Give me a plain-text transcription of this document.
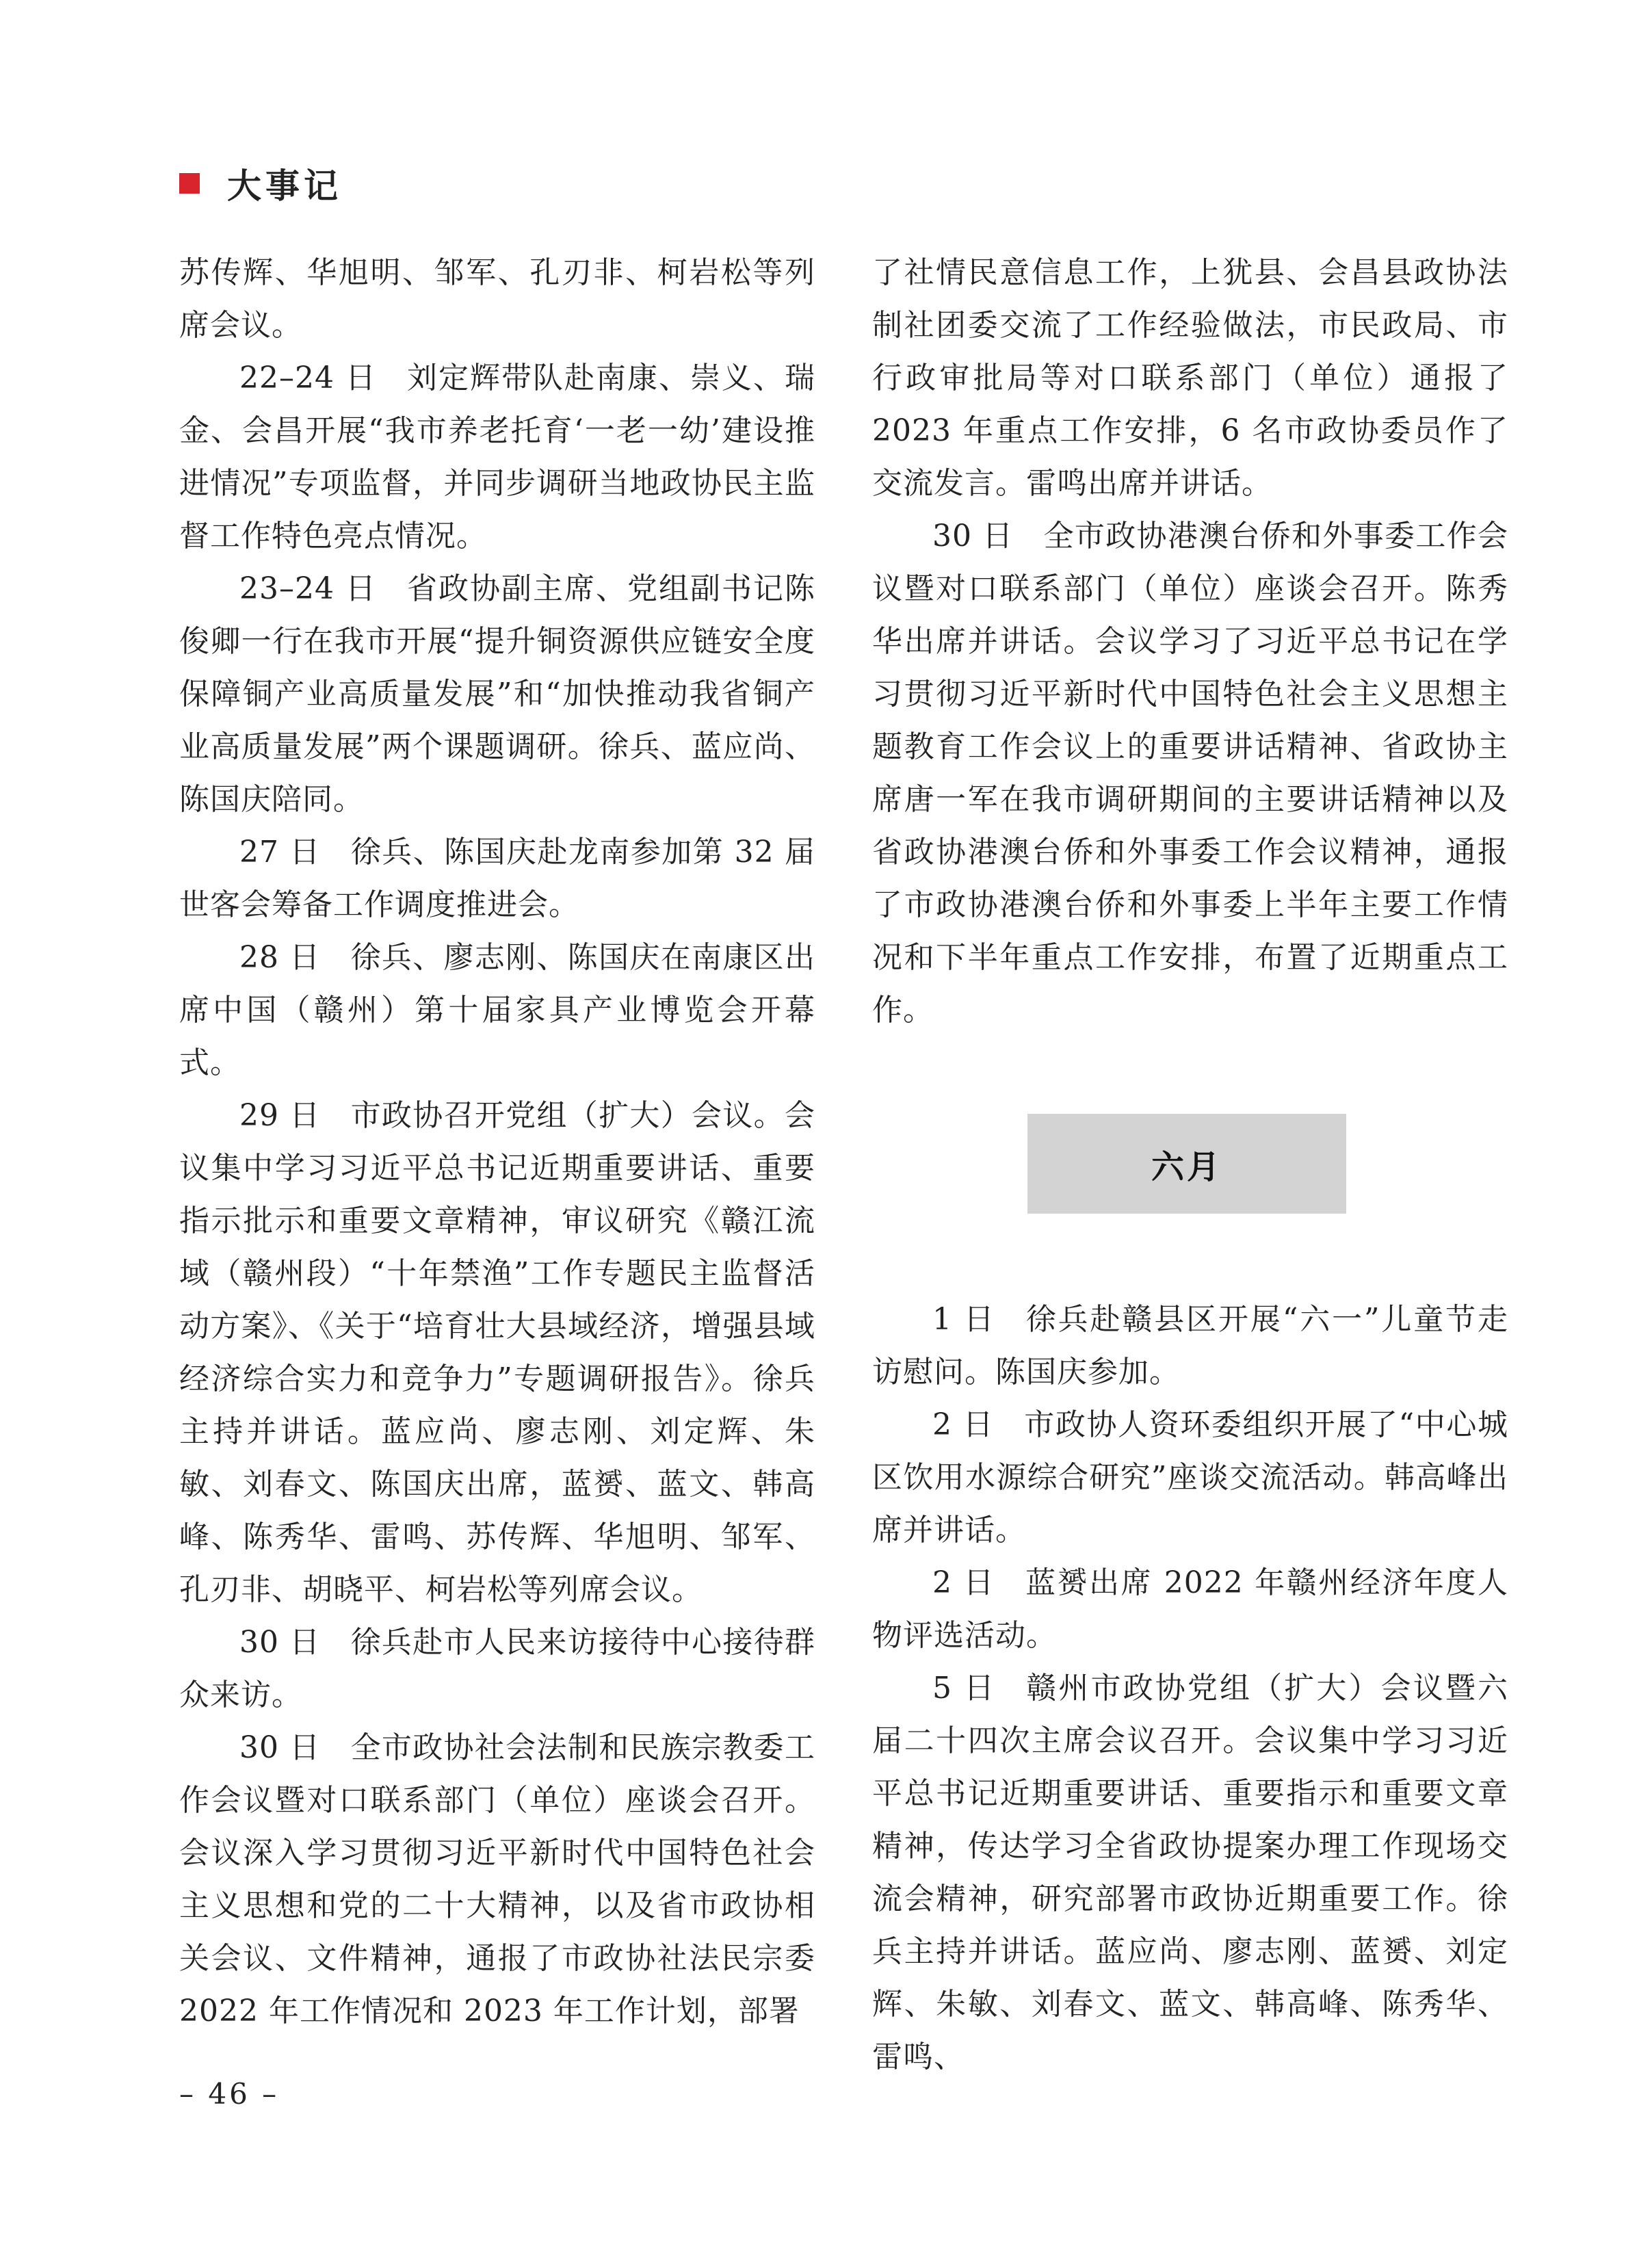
大事记

苏传辉、华旭明、邹军、孔刃非、柯岩松等列席会议。

22–24 日 刘定辉带队赴南康、崇义、瑞金、会昌开展“我市养老托育‘一老一幼’建设推进情况”专项监督，并同步调研当地政协民主监督工作特色亮点情况。

23–24 日 省政协副主席、党组副书记陈俊卿一行在我市开展“提升铜资源供应链安全度保障铜产业高质量发展”和“加快推动我省铜产业高质量发展”两个课题调研。徐兵、蓝应尚、陈国庆陪同。

27 日 徐兵、陈国庆赴龙南参加第 32 届世客会筹备工作调度推进会。

28 日 徐兵、廖志刚、陈国庆在南康区出席中国（赣州）第十届家具产业博览会开幕式。

29 日 市政协召开党组（扩大）会议。会议集中学习习近平总书记近期重要讲话、重要指示批示和重要文章精神，审议研究《赣江流域（赣州段）“十年禁渔”工作专题民主监督活动方案》、《关于“培育壮大县域经济，增强县域经济综合实力和竞争力”专题调研报告》。徐兵主持并讲话。蓝应尚、廖志刚、刘定辉、朱敏、刘春文、陈国庆出席，蓝赟、蓝文、韩高峰、陈秀华、雷鸣、苏传辉、华旭明、邹军、孔刃非、胡晓平、柯岩松等列席会议。

30 日 徐兵赴市人民来访接待中心接待群众来访。

30 日 全市政协社会法制和民族宗教委工作会议暨对口联系部门（单位）座谈会召开。会议深入学习贯彻习近平新时代中国特色社会主义思想和党的二十大精神，以及省市政协相关会议、文件精神，通报了市政协社法民宗委 2022 年工作情况和 2023 年工作计划，部署

了社情民意信息工作，上犹县、会昌县政协法制社团委交流了工作经验做法，市民政局、市行政审批局等对口联系部门（单位）通报了 2023 年重点工作安排，6 名市政协委员作了交流发言。雷鸣出席并讲话。

30 日 全市政协港澳台侨和外事委工作会议暨对口联系部门（单位）座谈会召开。陈秀华出席并讲话。会议学习了习近平总书记在学习贯彻习近平新时代中国特色社会主义思想主题教育工作会议上的重要讲话精神、省政协主席唐一军在我市调研期间的主要讲话精神以及省政协港澳台侨和外事委工作会议精神，通报了市政协港澳台侨和外事委上半年主要工作情况和下半年重点工作安排，布置了近期重点工作。

六月

1 日 徐兵赴赣县区开展“六一”儿童节走访慰问。陈国庆参加。

2 日 市政协人资环委组织开展了“中心城区饮用水源综合研究”座谈交流活动。韩高峰出席并讲话。

2 日 蓝赟出席 2022 年赣州经济年度人物评选活动。

5 日 赣州市政协党组（扩大）会议暨六届二十四次主席会议召开。会议集中学习习近平总书记近期重要讲话、重要指示和重要文章精神，传达学习全省政协提案办理工作现场交流会精神，研究部署市政协近期重要工作。徐兵主持并讲话。蓝应尚、廖志刚、蓝赟、刘定辉、朱敏、刘春文、蓝文、韩高峰、陈秀华、雷鸣、

– 46 –
